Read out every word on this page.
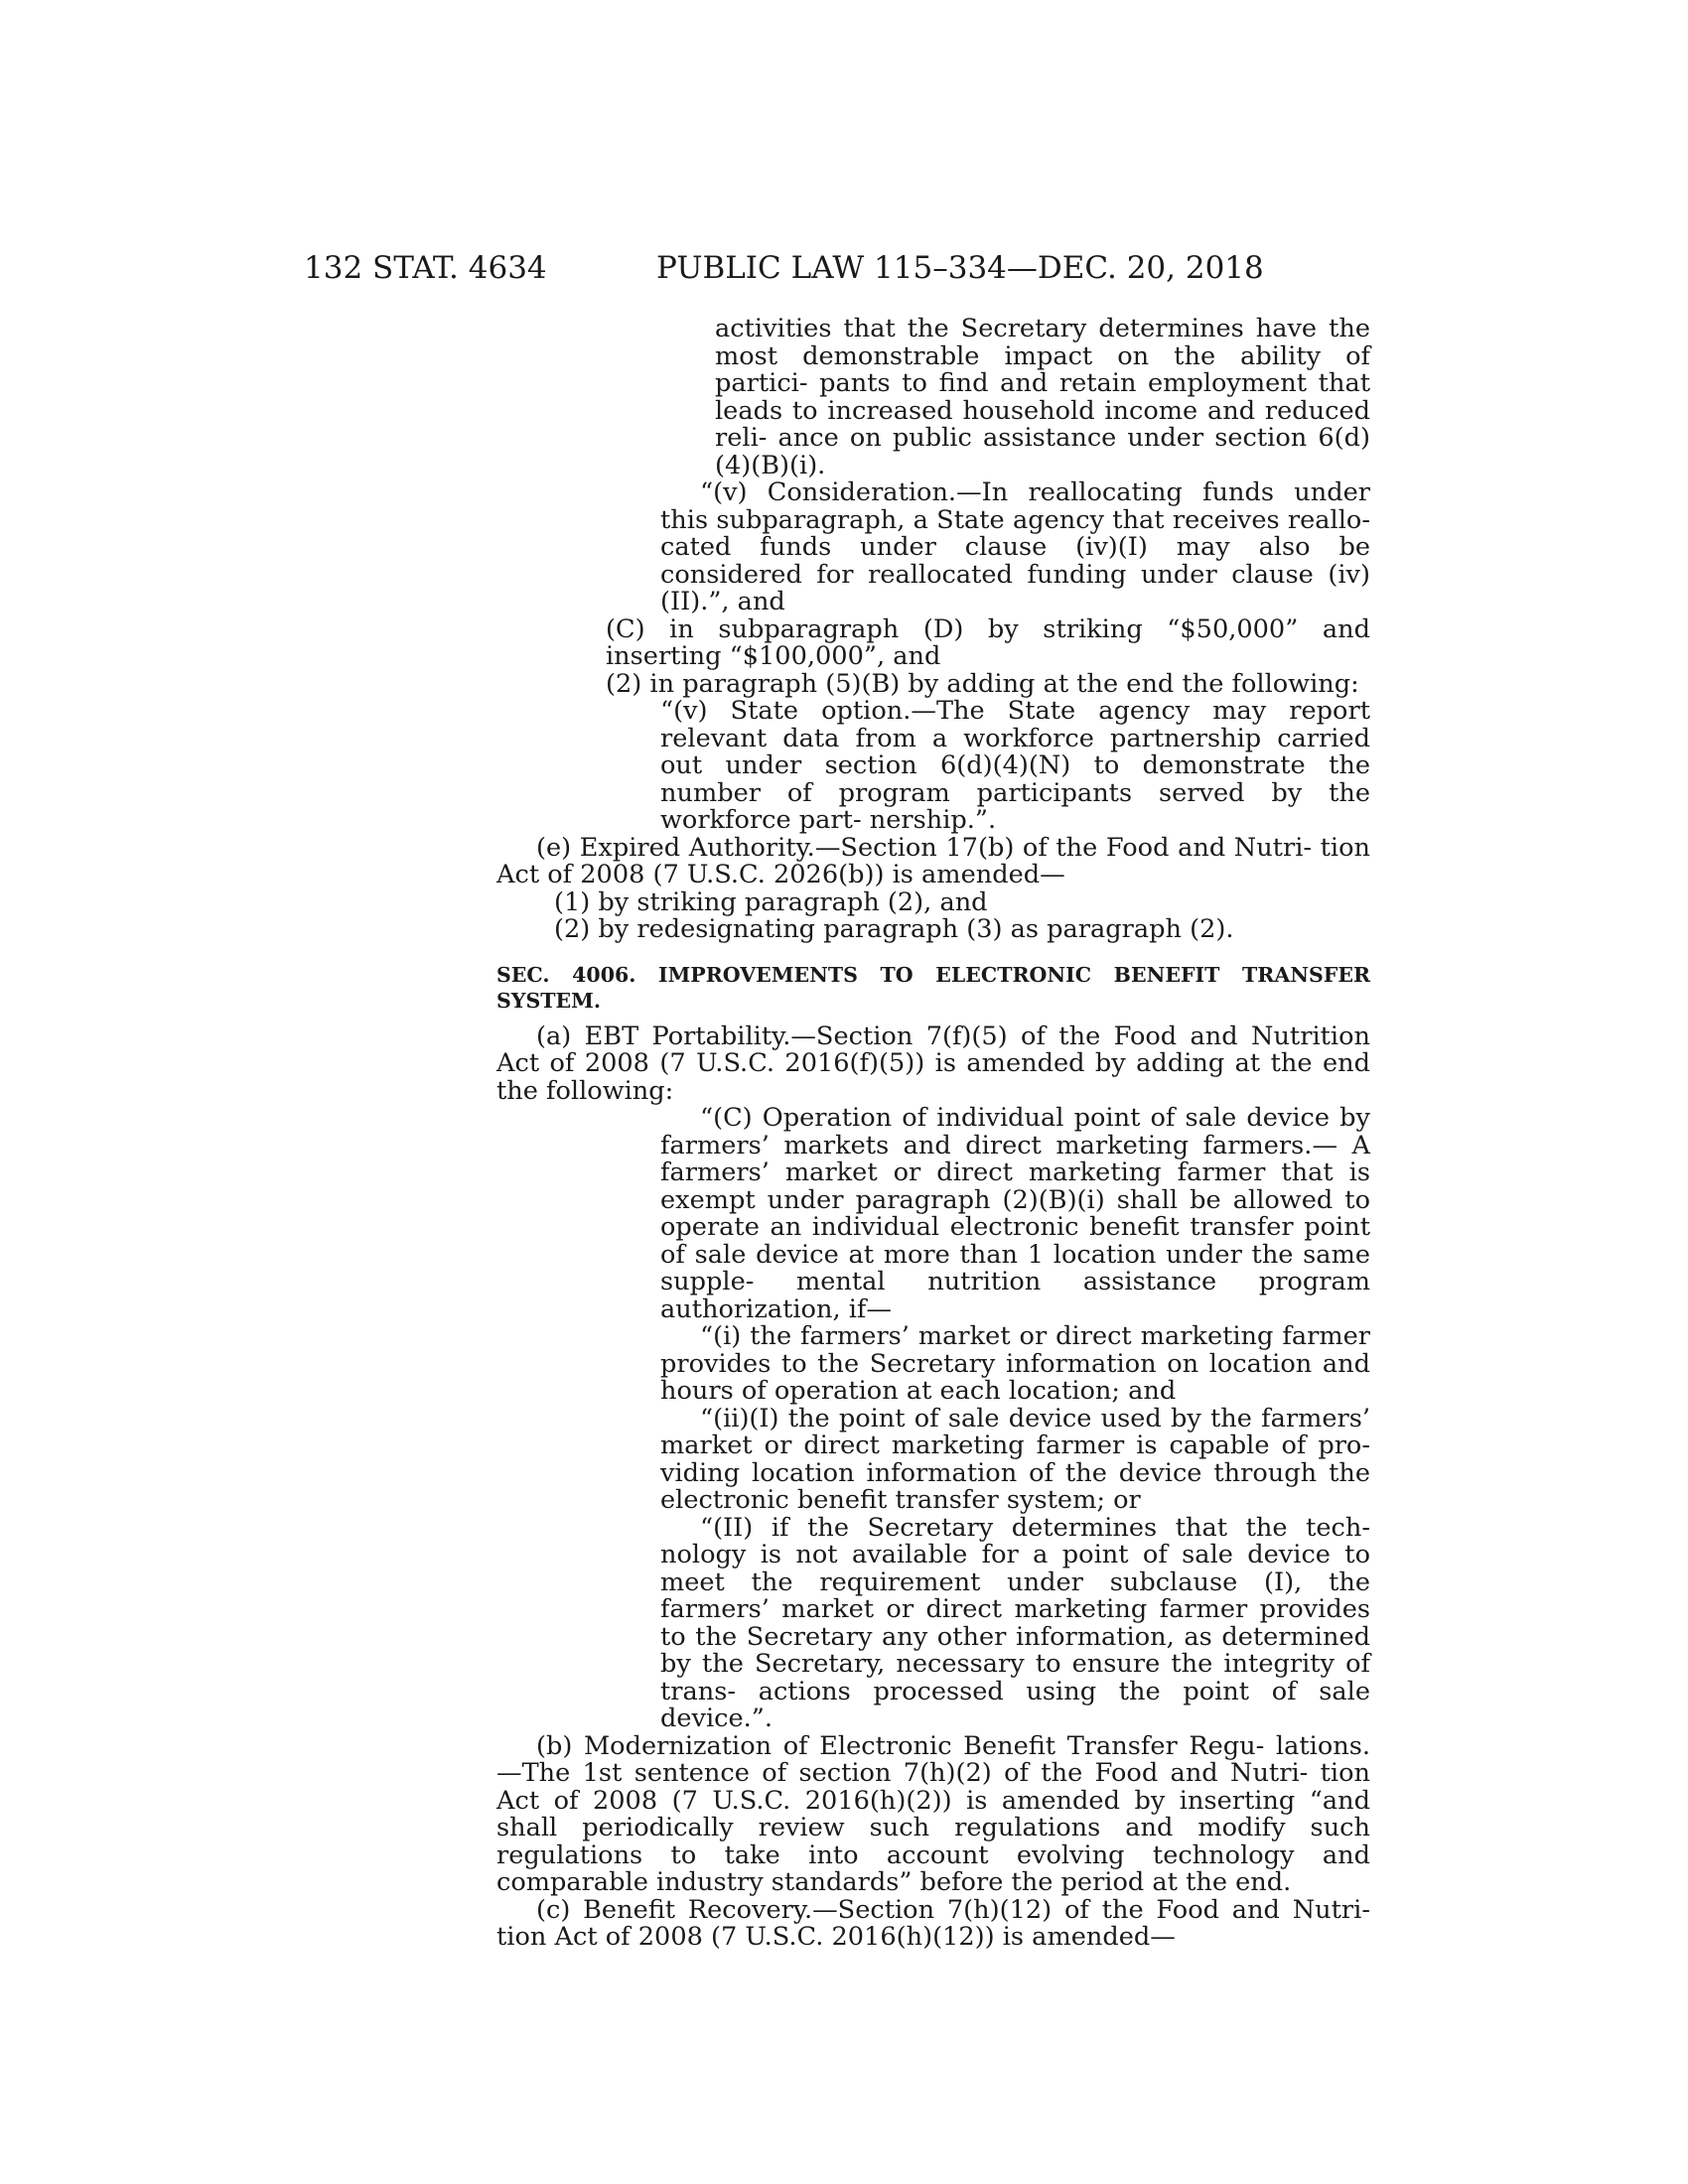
132 STAT. 4634	PUBLIC LAW 115–334—DEC. 20, 2018

activities that the Secretary determines have the most demonstrable impact on the ability of partici- pants to find and retain employment that leads to increased household income and reduced reli- ance on public assistance under section 6(d)(4)(B)(i).

“(v) Consideration.—In reallocating funds under this subparagraph, a State agency that receives reallo- cated funds under clause (iv)(I) may also be considered for reallocated funding under clause (iv)(II).”, and

(C) in subparagraph (D) by striking “$50,000” and inserting “$100,000”, and

(2) in paragraph (5)(B) by adding at the end the following:

“(v) State option.—The State agency may report relevant data from a workforce partnership carried out under section 6(d)(4)(N) to demonstrate the number of program participants served by the workforce part- nership.”.

(e) Expired Authority.—Section 17(b) of the Food and Nutri- tion Act of 2008 (7 U.S.C. 2026(b)) is amended—

(1) by striking paragraph (2), and

(2) by redesignating paragraph (3) as paragraph (2).

SEC. 4006. IMPROVEMENTS TO ELECTRONIC BENEFIT TRANSFER SYSTEM.

(a) EBT Portability.—Section 7(f)(5) of the Food and Nutrition Act of 2008 (7 U.S.C. 2016(f)(5)) is amended by adding at the end the following:

“(C) Operation of individual point of sale device by farmers’ markets and direct marketing farmers.— A farmers’ market or direct marketing farmer that is exempt under paragraph (2)(B)(i) shall be allowed to operate an individual electronic benefit transfer point of sale device at more than 1 location under the same supple- mental nutrition assistance program authorization, if—

“(i) the farmers’ market or direct marketing farmer provides to the Secretary information on location and hours of operation at each location; and

“(ii)(I) the point of sale device used by the farmers’ market or direct marketing farmer is capable of pro- viding location information of the device through the electronic benefit transfer system; or

“(II) if the Secretary determines that the tech- nology is not available for a point of sale device to meet the requirement under subclause (I), the farmers’ market or direct marketing farmer provides to the Secretary any other information, as determined by the Secretary, necessary to ensure the integrity of trans- actions processed using the point of sale device.”.

(b) Modernization of Electronic Benefit Transfer Regu- lations.—The 1st sentence of section 7(h)(2) of the Food and Nutri- tion Act of 2008 (7 U.S.C. 2016(h)(2)) is amended by inserting “and shall periodically review such regulations and modify such regulations to take into account evolving technology and comparable industry standards” before the period at the end.

(c) Benefit Recovery.—Section 7(h)(12) of the Food and Nutri- tion Act of 2008 (7 U.S.C. 2016(h)(12)) is amended—
